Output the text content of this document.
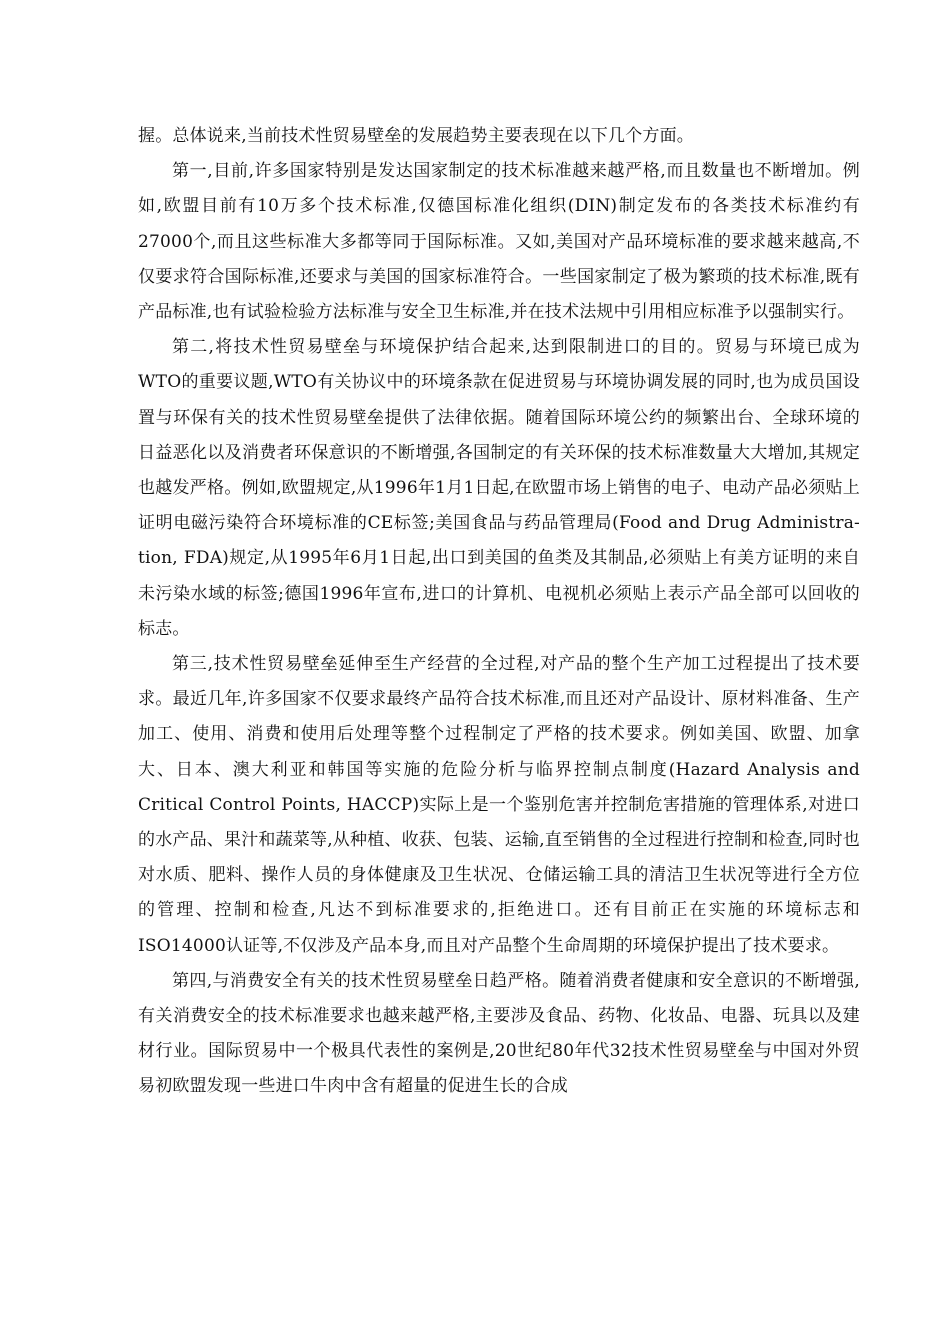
握。总体说来,当前技术性贸易壁垒的发展趋势主要表现在以下几个方面。

第一,目前,许多国家特别是发达国家制定的技术标准越来越严格,而且数量也不断增加。例如,欧盟目前有10万多个技术标准,仅德国标准化组织(DIN)制定发布的各类技术标准约有27000个,而且这些标准大多都等同于国际标准。又如,美国对产品环境标准的要求越来越高,不仅要求符合国际标准,还要求与美国的国家标准符合。一些国家制定了极为繁琐的技术标准,既有产品标准,也有试验检验方法标准与安全卫生标准,并在技术法规中引用相应标准予以强制实行。

第二,将技术性贸易壁垒与环境保护结合起来,达到限制进口的目的。贸易与环境已成为WTO的重要议题,WTO有关协议中的环境条款在促进贸易与环境协调发展的同时,也为成员国设置与环保有关的技术性贸易壁垒提供了法律依据。随着国际环境公约的频繁出台、全球环境的日益恶化以及消费者环保意识的不断增强,各国制定的有关环保的技术标准数量大大增加,其规定也越发严格。例如,欧盟规定,从1996年1月1日起,在欧盟市场上销售的电子、电动产品必须贴上证明电磁污染符合环境标准的CE标签;美国食品与药品管理局(Food and Drug Administra-tion, FDA)规定,从1995年6月1日起,出口到美国的鱼类及其制品,必须贴上有美方证明的来自未污染水域的标签;德国1996年宣布,进口的计算机、电视机必须贴上表示产品全部可以回收的标志。

第三,技术性贸易壁垒延伸至生产经营的全过程,对产品的整个生产加工过程提出了技术要求。最近几年,许多国家不仅要求最终产品符合技术标准,而且还对产品设计、原材料准备、生产加工、使用、消费和使用后处理等整个过程制定了严格的技术要求。例如美国、欧盟、加拿大、日本、澳大利亚和韩国等实施的危险分析与临界控制点制度(Hazard Analysis and Critical Control Points, HACCP)实际上是一个鉴别危害并控制危害措施的管理体系,对进口的水产品、果汁和蔬菜等,从种植、收获、包装、运输,直至销售的全过程进行控制和检查,同时也对水质、肥料、操作人员的身体健康及卫生状况、仓储运输工具的清洁卫生状况等进行全方位的管理、控制和检查,凡达不到标准要求的,拒绝进口。还有目前正在实施的环境标志和ISO14000认证等,不仅涉及产品本身,而且对产品整个生命周期的环境保护提出了技术要求。

第四,与消费安全有关的技术性贸易壁垒日趋严格。随着消费者健康和安全意识的不断增强,有关消费安全的技术标准要求也越来越严格,主要涉及食品、药物、化妆品、电器、玩具以及建材行业。国际贸易中一个极具代表性的案例是,20世纪80年代32技术性贸易壁垒与中国对外贸易初欧盟发现一些进口牛肉中含有超量的促进生长的合成
